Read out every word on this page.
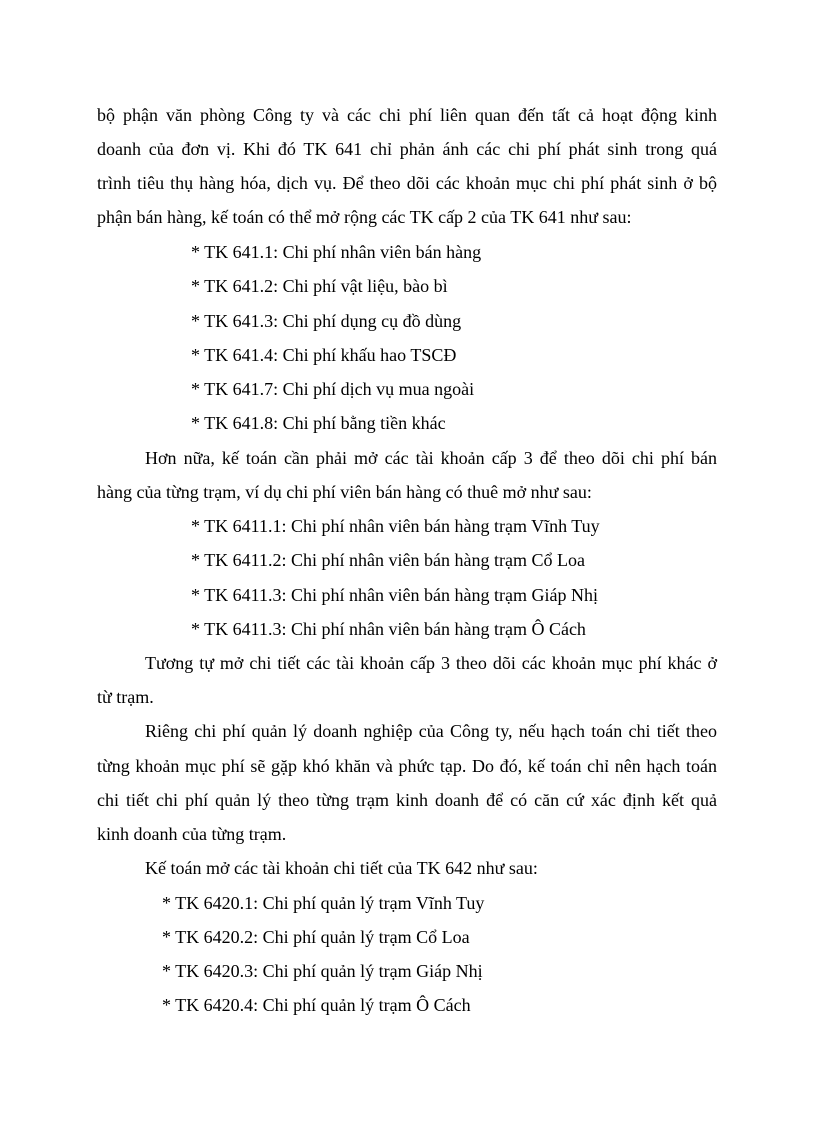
bộ phận văn phòng Công ty và các chi phí liên quan đến tất cả hoạt động kinh
doanh của đơn vị. Khi đó TK 641 chỉ phản ánh các chi phí phát sinh trong quá
trình tiêu thụ hàng hóa, dịch vụ. Để theo dõi các khoản mục chi phí phát sinh ở bộ
phận bán hàng, kế toán có thể mở rộng các TK cấp 2 của TK 641 như sau:
* TK 641.1: Chi phí nhân viên bán hàng
* TK 641.2: Chi phí vật liệu, bào bì
* TK 641.3: Chi phí dụng cụ đồ dùng
* TK 641.4: Chi phí khấu hao TSCĐ
* TK 641.7: Chi phí dịch vụ mua ngoài
* TK 641.8: Chi phí bằng tiền khác
Hơn nữa, kế toán cần phải mở các tài khoản cấp 3 để theo dõi chi phí bán
hàng của từng trạm, ví dụ chi phí viên bán hàng có thuê mở như sau:
* TK 6411.1: Chi phí nhân viên bán hàng trạm Vĩnh Tuy
* TK 6411.2: Chi phí nhân viên bán hàng trạm Cổ Loa
* TK 6411.3: Chi phí nhân viên bán hàng trạm Giáp Nhị
* TK 6411.3: Chi phí nhân viên bán hàng trạm Ô Cách
Tương tự mở chi tiết các tài khoản cấp 3 theo dõi các khoản mục phí khác ở
từ trạm.
Riêng chi phí quản lý doanh nghiệp của Công ty, nếu hạch toán chi tiết theo
từng khoản mục phí sẽ gặp khó khăn và phức tạp. Do đó, kế toán chỉ nên hạch toán
chi tiết chi phí quản lý theo từng trạm kinh doanh để có căn cứ xác định kết quả
kinh doanh của từng trạm.
Kế toán mở các tài khoản chi tiết của TK 642 như sau:
* TK 6420.1: Chi phí quản lý trạm Vĩnh Tuy
* TK 6420.2: Chi phí quản lý trạm Cổ Loa
* TK 6420.3: Chi phí quản lý trạm Giáp Nhị
* TK 6420.4: Chi phí quản lý trạm Ô Cách
